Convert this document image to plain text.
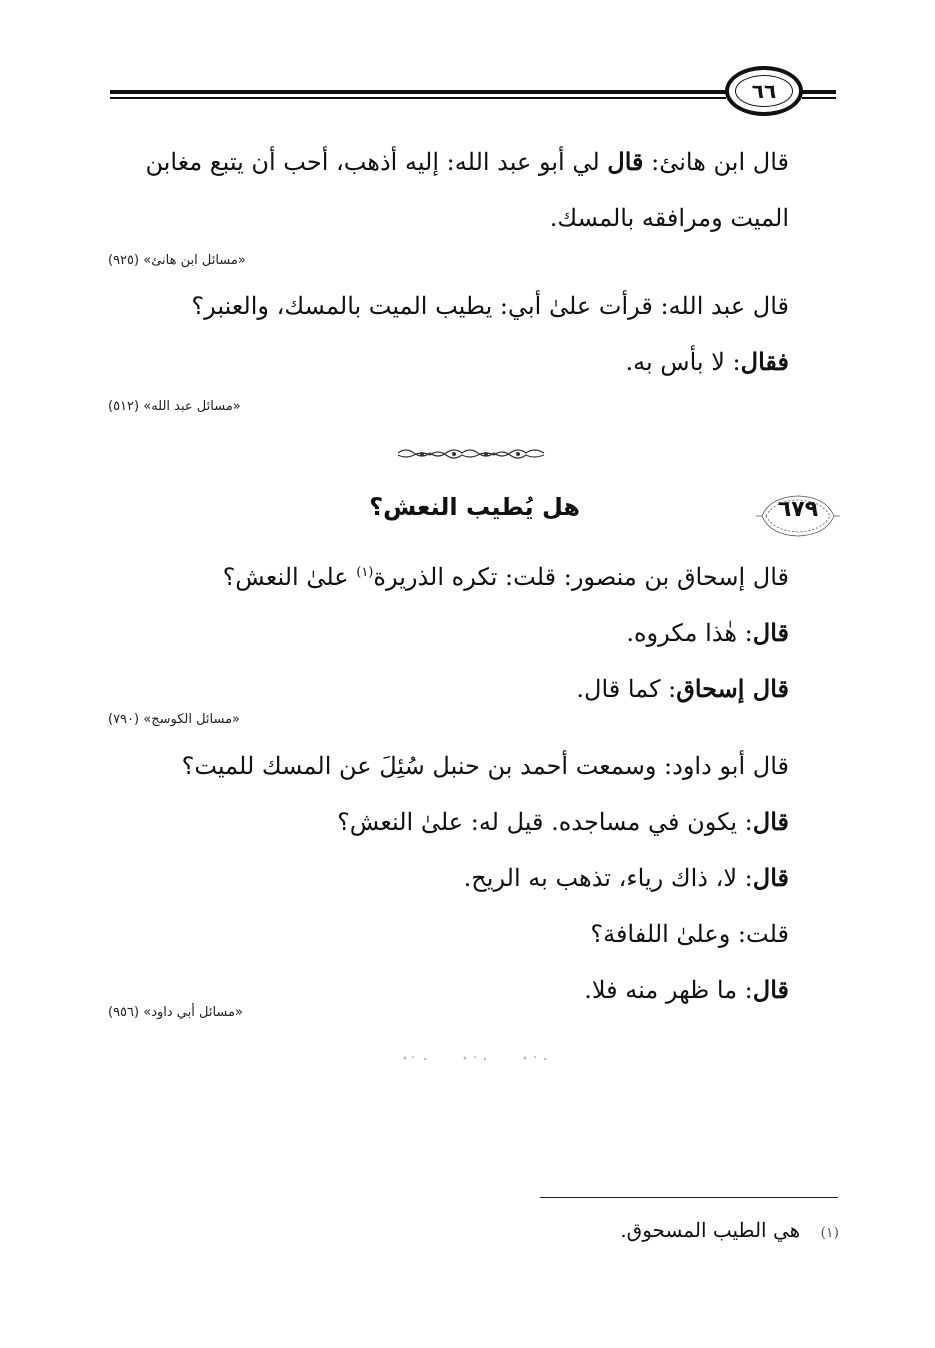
٦٦
قال ابن هانئ: قال لي أبو عبد الله: إليه أذهب، أحب أن يتبع مغابن
الميت ومرافقه بالمسك.
«مسائل ابن هانئ» (٩٢٥)
قال عبد الله: قرأت علىٰ أبي: يطيب الميت بالمسك، والعنبر؟
فقال: لا بأس به.
«مسائل عبد الله» (٥١٢)
٦٧٩
هل يُطيب النعش؟
قال إسحاق بن منصور: قلت: تكره الذريرة$^{(١)}$ علىٰ النعش؟
قال: هٰذا مكروه.
قال إسحاق: كما قال.
«مسائل الكوسج» (٧٩٠)
قال أبو داود: وسمعت أحمد بن حنبل سُئِلَ عن المسك للميت؟
قال: يكون في مساجده. قيل له: علىٰ النعش؟
قال: لا، ذاك رياء، تذهب به الريح.
قلت: وعلىٰ اللفافة؟
قال: ما ظهر منه فلا.
«مسائل أبي داود» (٩٥٦)
(١) هي الطيب المسحوق.
